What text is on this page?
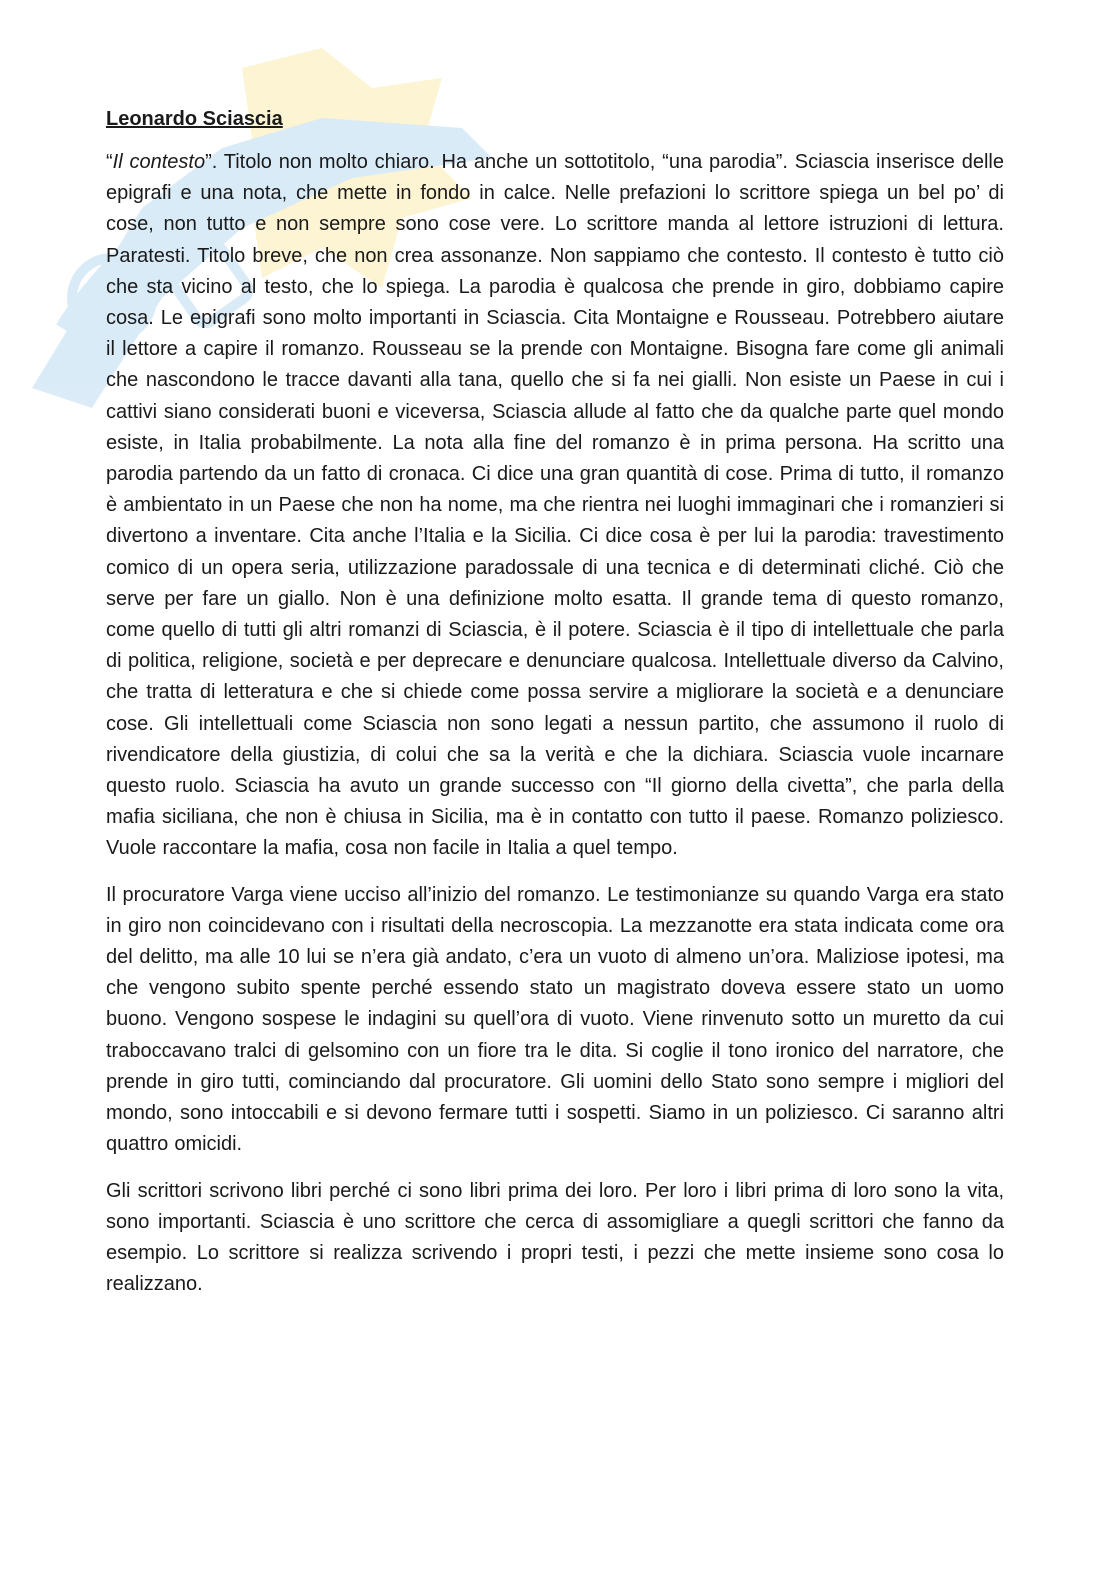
Leonardo Sciascia

“Il contesto”. Titolo non molto chiaro. Ha anche un sottotitolo, “una parodia”. Sciascia inserisce delle epigrafi e una nota, che mette in fondo in calce. Nelle prefazioni lo scrittore spiega un bel po’ di cose, non tutto e non sempre sono cose vere. Lo scrittore manda al lettore istruzioni di lettura. Paratesti. Titolo breve, che non crea assonanze. Non sappiamo che contesto. Il contesto è tutto ciò che sta vicino al testo, che lo spiega. La parodia è qualcosa che prende in giro, dobbiamo capire cosa. Le epigrafi sono molto importanti in Sciascia. Cita Montaigne e Rousseau. Potrebbero aiutare il lettore a capire il romanzo. Rousseau se la prende con Montaigne. Bisogna fare come gli animali che nascondono le tracce davanti alla tana, quello che si fa nei gialli. Non esiste un Paese in cui i cattivi siano considerati buoni e viceversa, Sciascia allude al fatto che da qualche parte quel mondo esiste, in Italia probabilmente. La nota alla fine del romanzo è in prima persona. Ha scritto una parodia partendo da un fatto di cronaca. Ci dice una gran quantità di cose. Prima di tutto, il romanzo è ambientato in un Paese che non ha nome, ma che rientra nei luoghi immaginari che i romanzieri si divertono a inventare. Cita anche l’Italia e la Sicilia. Ci dice cosa è per lui la parodia: travestimento comico di un opera seria, utilizzazione paradossale di una tecnica e di determinati cliché. Ciò che serve per fare un giallo. Non è una definizione molto esatta. Il grande tema di questo romanzo, come quello di tutti gli altri romanzi di Sciascia, è il potere. Sciascia è il tipo di intellettuale che parla di politica, religione, società e per deprecare e denunciare qualcosa. Intellettuale diverso da Calvino, che tratta di letteratura e che si chiede come possa servire a migliorare la società e a denunciare cose. Gli intellettuali come Sciascia non sono legati a nessun partito, che assumono il ruolo di rivendicatore della giustizia, di colui che sa la verità e che la dichiara. Sciascia vuole incarnare questo ruolo. Sciascia ha avuto un grande successo con “Il giorno della civetta”, che parla della mafia siciliana, che non è chiusa in Sicilia, ma è in contatto con tutto il paese. Romanzo poliziesco. Vuole raccontare la mafia, cosa non facile in Italia a quel tempo.

Il procuratore Varga viene ucciso all’inizio del romanzo. Le testimonianze su quando Varga era stato in giro non coincidevano con i risultati della necroscopia. La mezzanotte era stata indicata come ora del delitto, ma alle 10 lui se n’era già andato, c’era un vuoto di almeno un’ora. Maliziose ipotesi, ma che vengono subito spente perché essendo stato un magistrato doveva essere stato un uomo buono. Vengono sospese le indagini su quell’ora di vuoto. Viene rinvenuto sotto un muretto da cui traboccavano tralci di gelsomino con un fiore tra le dita. Si coglie il tono ironico del narratore, che prende in giro tutti, cominciando dal procuratore. Gli uomini dello Stato sono sempre i migliori del mondo, sono intoccabili e si devono fermare tutti i sospetti. Siamo in un poliziesco. Ci saranno altri quattro omicidi.

Gli scrittori scrivono libri perché ci sono libri prima dei loro. Per loro i libri prima di loro sono la vita, sono importanti. Sciascia è uno scrittore che cerca di assomigliare a quegli scrittori che fanno da esempio. Lo scrittore si realizza scrivendo i propri testi, i pezzi che mette insieme sono cosa lo realizzano.
